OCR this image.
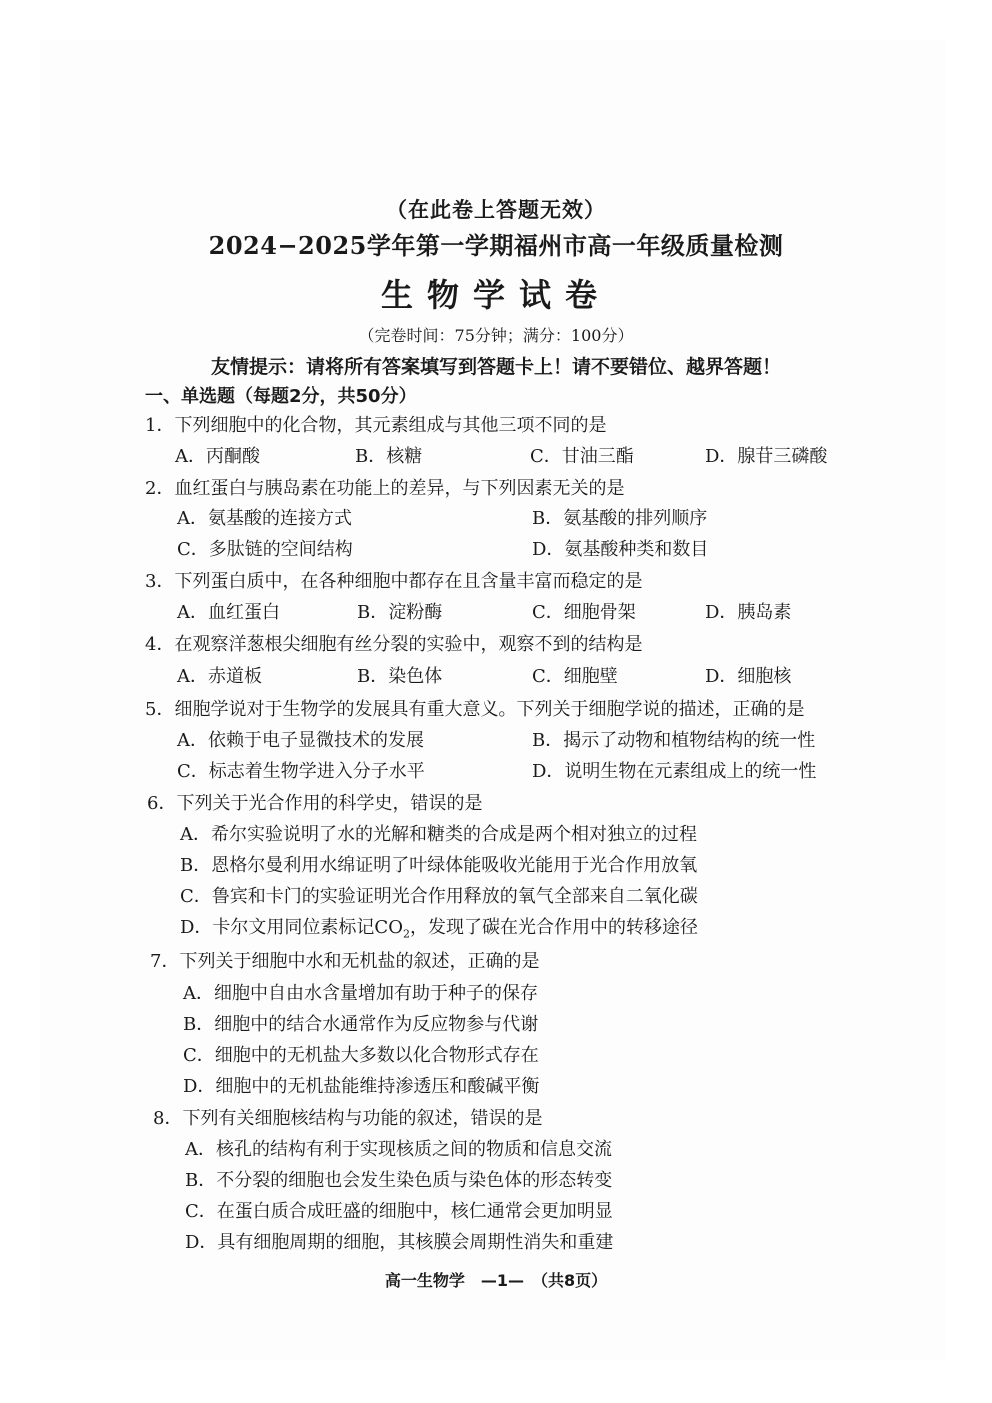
（在此卷上答题无效）
2024−2025学年第一学期福州市高一年级质量检测
生物学试卷
（完卷时间：75分钟；满分：100分）
友情提示：请将所有答案填写到答题卡上！请不要错位、越界答题！
一、单选题（每题2分，共50分）
1．下列细胞中的化合物，其元素组成与其他三项不同的是
A．丙酮酸	B．核糖	C．甘油三酯	D．腺苷三磷酸
2．血红蛋白与胰岛素在功能上的差异，与下列因素无关的是
A．氨基酸的连接方式	B．氨基酸的排列顺序
C．多肽链的空间结构	D．氨基酸种类和数目
3．下列蛋白质中，在各种细胞中都存在且含量丰富而稳定的是
A．血红蛋白	B．淀粉酶	C．细胞骨架	D．胰岛素
4．在观察洋葱根尖细胞有丝分裂的实验中，观察不到的结构是
A．赤道板	B．染色体	C．细胞壁	D．细胞核
5．细胞学说对于生物学的发展具有重大意义。下列关于细胞学说的描述，正确的是
A．依赖于电子显微技术的发展	B．揭示了动物和植物结构的统一性
C．标志着生物学进入分子水平	D．说明生物在元素组成上的统一性
6．下列关于光合作用的科学史，错误的是
A．希尔实验说明了水的光解和糖类的合成是两个相对独立的过程
B．恩格尔曼利用水绵证明了叶绿体能吸收光能用于光合作用放氧
C．鲁宾和卡门的实验证明光合作用释放的氧气全部来自二氧化碳
D．卡尔文用同位素标记$CO_2$，发现了碳在光合作用中的转移途径
7．下列关于细胞中水和无机盐的叙述，正确的是
A．细胞中自由水含量增加有助于种子的保存
B．细胞中的结合水通常作为反应物参与代谢
C．细胞中的无机盐大多数以化合物形式存在
D．细胞中的无机盐能维持渗透压和酸碱平衡
8．下列有关细胞核结构与功能的叙述，错误的是
A．核孔的结构有利于实现核质之间的物质和信息交流
B．不分裂的细胞也会发生染色质与染色体的形态转变
C．在蛋白质合成旺盛的细胞中，核仁通常会更加明显
D．具有细胞周期的细胞，其核膜会周期性消失和重建
高一生物学　—1—　（共8页）
